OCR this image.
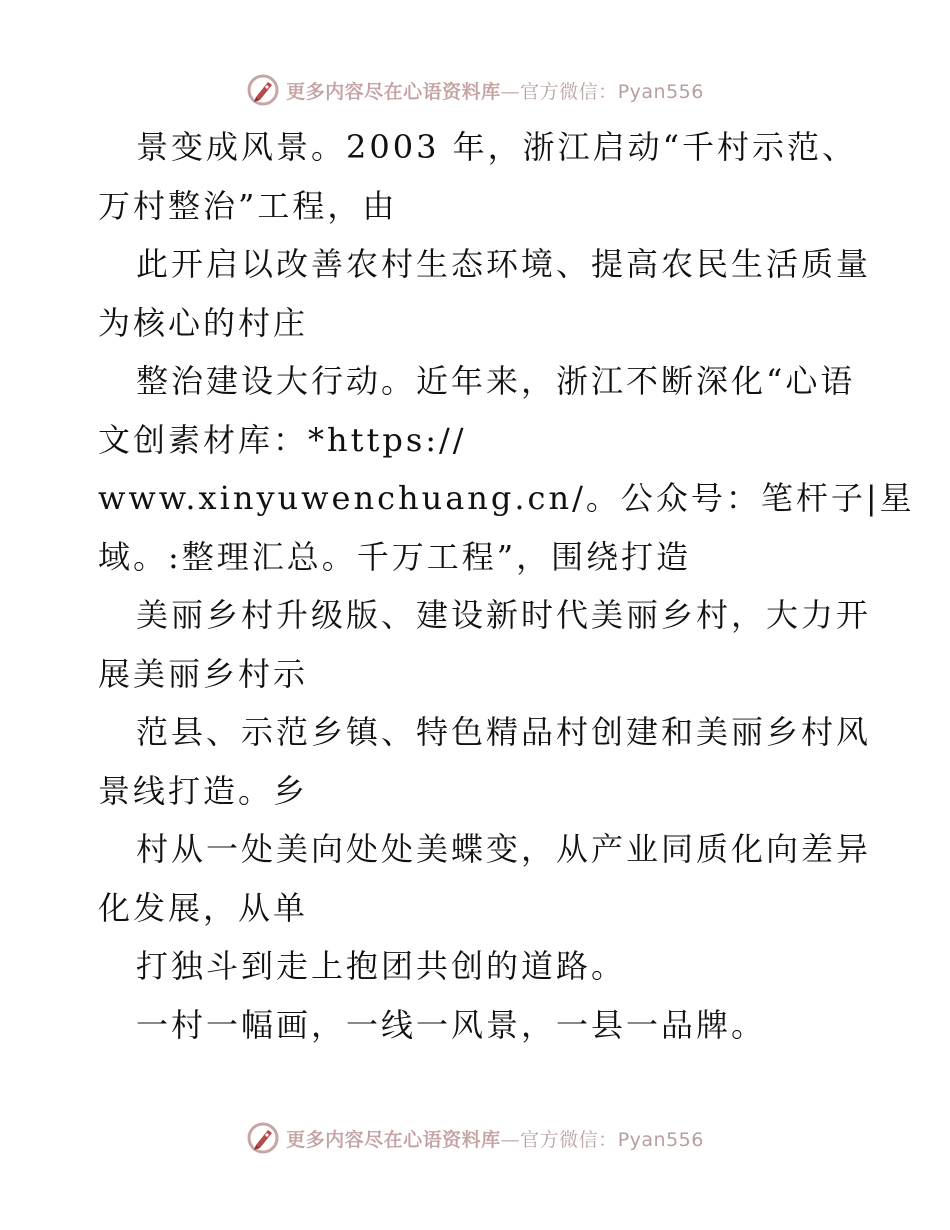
更多内容尽在心语资料库—官方微信：Pyan556
景变成风景。2003 年，浙江启动“千村示范、
万村整治”工程，由
此开启以改善农村生态环境、提高农民生活质量
为核心的村庄
整治建设大行动。近年来，浙江不断深化“心语
文创素材库：*https://
www.xinyuwenchuang.cn/。公众号：笔杆子|星
域。:整理汇总。千万工程”，围绕打造
美丽乡村升级版、建设新时代美丽乡村，大力开
展美丽乡村示
范县、示范乡镇、特色精品村创建和美丽乡村风
景线打造。乡
村从一处美向处处美蝶变，从产业同质化向差异
化发展，从单
打独斗到走上抱团共创的道路。
一村一幅画，一线一风景，一县一品牌。
更多内容尽在心语资料库—官方微信：Pyan556
